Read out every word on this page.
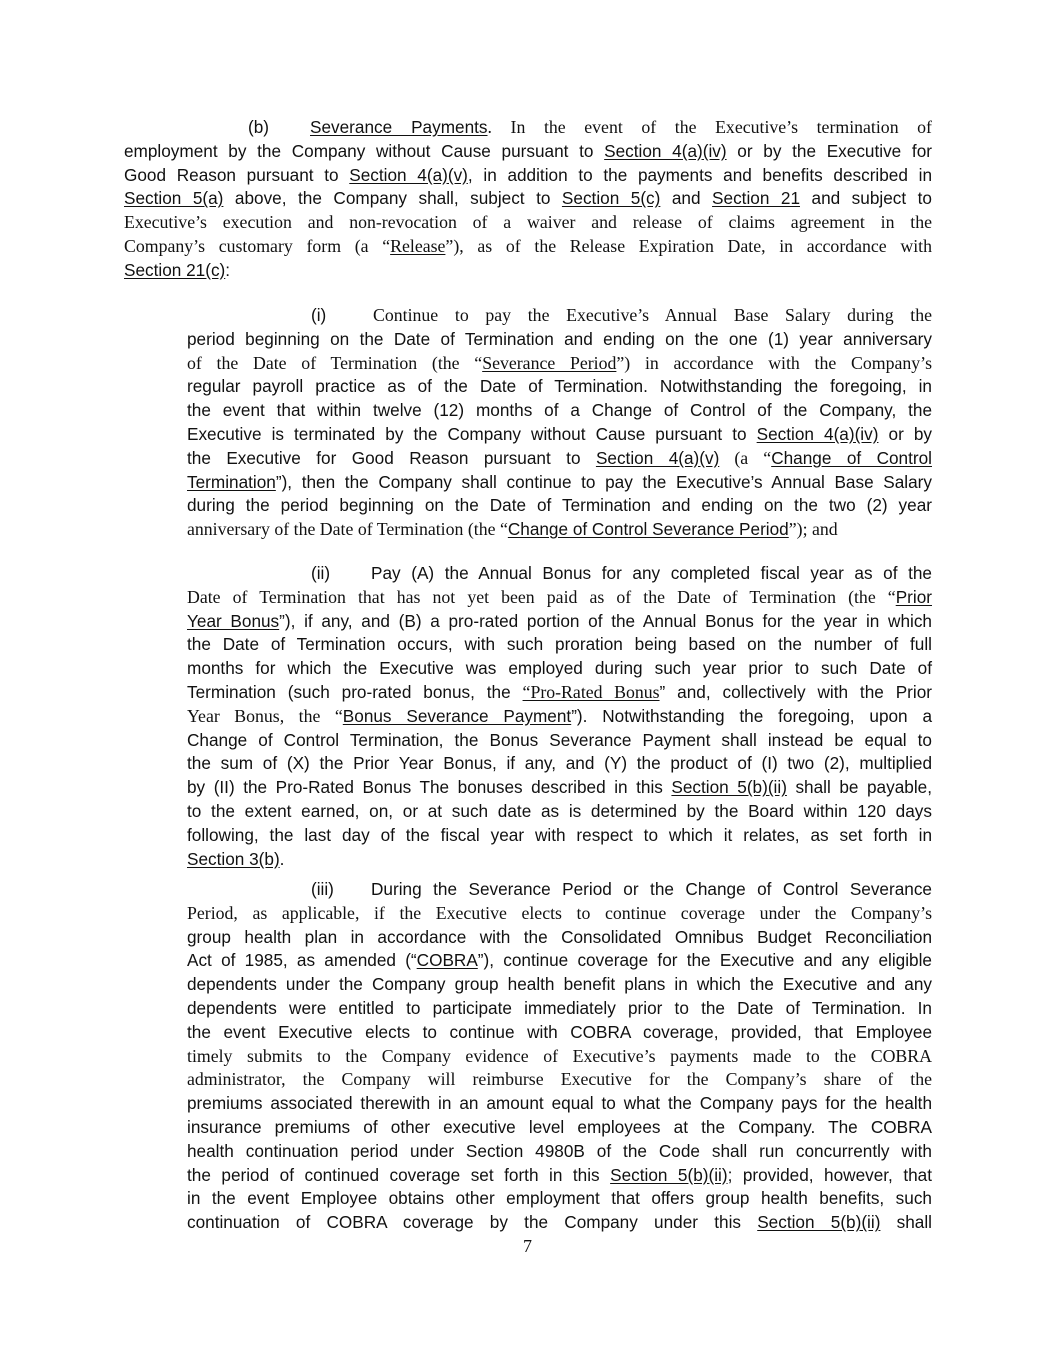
(b) Severance Payments. In the event of the Executive’s termination of
employment by the Company without Cause pursuant to Section 4(a)(iv) or by the Executive for
Good Reason pursuant to Section 4(a)(v), in addition to the payments and benefits described in
Section 5(a) above, the Company shall, subject to Section 5(c) and Section 21 and subject to
Executive’s execution and non-revocation of a waiver and release of claims agreement in the
Company’s customary form (a “Release”), as of the Release Expiration Date, in accordance with
Section 21(c):
(i)	Continue to pay the Executive’s Annual Base Salary during the
period beginning on the Date of Termination and ending on the one (1) year anniversary
of the Date of Termination (the “Severance Period”) in accordance with the Company’s
regular payroll practice as of the Date of Termination. Notwithstanding the foregoing, in
the event that within twelve (12) months of a Change of Control of the Company, the
Executive is terminated by the Company without Cause pursuant to Section 4(a)(iv) or by
the Executive for Good Reason pursuant to Section 4(a)(v) (a “Change of Control
Termination”), then the Company shall continue to pay the Executive’s Annual Base Salary
during the period beginning on the Date of Termination and ending on the two (2) year
anniversary of the Date of Termination (the “Change of Control Severance Period”); and
(ii) Pay (A) the Annual Bonus for any completed fiscal year as of the
Date of Termination that has not yet been paid as of the Date of Termination (the “Prior
Year Bonus”), if any, and (B) a pro-rated portion of the Annual Bonus for the year in which
the Date of Termination occurs, with such proration being based on the number of full
months for which the Executive was employed during such year prior to such Date of
Termination (such pro-rated bonus, the “Pro-Rated Bonus” and, collectively with the Prior
Year Bonus, the “Bonus Severance Payment”). Notwithstanding the foregoing, upon a
Change of Control Termination, the Bonus Severance Payment shall instead be equal to
the sum of (X) the Prior Year Bonus, if any, and (Y) the product of (I) two (2), multiplied
by (II) the Pro-Rated Bonus The bonuses described in this Section 5(b)(ii) shall be payable,
to the extent earned, on, or at such date as is determined by the Board within 120 days
following, the last day of the fiscal year with respect to which it relates, as set forth in
Section 3(b).
(iii) During the Severance Period or the Change of Control Severance
Period, as applicable, if the Executive elects to continue coverage under the Company’s
group health plan in accordance with the Consolidated Omnibus Budget Reconciliation
Act of 1985, as amended (“COBRA”), continue coverage for the Executive and any eligible
dependents under the Company group health benefit plans in which the Executive and any
dependents were entitled to participate immediately prior to the Date of Termination. In
the event Executive elects to continue with COBRA coverage, provided, that Employee
timely submits to the Company evidence of Executive’s payments made to the COBRA
administrator, the Company will reimburse Executive for the Company’s share of the
premiums associated therewith in an amount equal to what the Company pays for the health
insurance premiums of other executive level employees at the Company. The COBRA
health continuation period under Section 4980B of the Code shall run concurrently with
the period of continued coverage set forth in this Section 5(b)(ii); provided, however, that
in the event Employee obtains other employment that offers group health benefits, such
continuation of COBRA coverage by the Company under this Section 5(b)(ii) shall
7
